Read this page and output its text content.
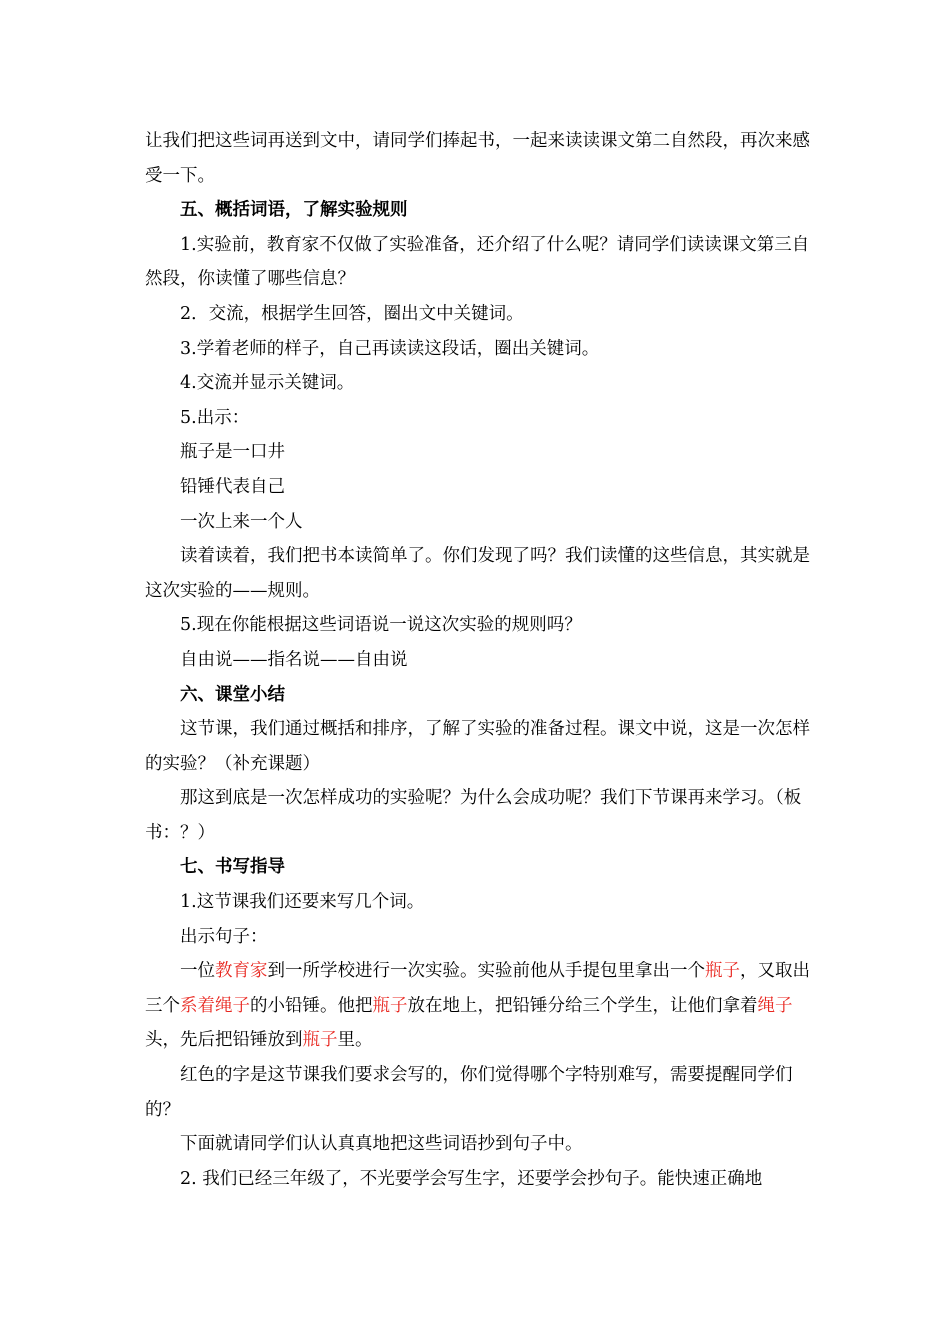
让我们把这些词再送到文中，请同学们捧起书，一起来读读课文第二自然段，再次来感受一下。

五、概括词语，了解实验规则

1.实验前，教育家不仅做了实验准备，还介绍了什么呢？请同学们读读课文第三自然段，你读懂了哪些信息？

2．交流，根据学生回答，圈出文中关键词。

3.学着老师的样子，自己再读读这段话，圈出关键词。

4.交流并显示关键词。

5.出示：

瓶子是一口井

铅锤代表自己

一次上来一个人

读着读着，我们把书本读简单了。你们发现了吗？我们读懂的这些信息，其实就是这次实验的——规则。

5.现在你能根据这些词语说一说这次实验的规则吗？

自由说——指名说——自由说

六、课堂小结

这节课，我们通过概括和排序，了解了实验的准备过程。课文中说，这是一次怎样的实验？（补充课题）

那这到底是一次怎样成功的实验呢？为什么会成功呢？我们下节课再来学习。（板书：？）

七、书写指导

1.这节课我们还要来写几个词。

出示句子：

一位教育家到一所学校进行一次实验。实验前他从手提包里拿出一个瓶子，又取出三个系着绳子的小铅锤。他把瓶子放在地上，把铅锤分给三个学生，让他们拿着绳子头，先后把铅锤放到瓶子里。

红色的字是这节课我们要求会写的，你们觉得哪个字特别难写，需要提醒同学们的？

下面就请同学们认认真真地把这些词语抄到句子中。

2. 我们已经三年级了，不光要学会写生字，还要学会抄句子。能快速正确地
